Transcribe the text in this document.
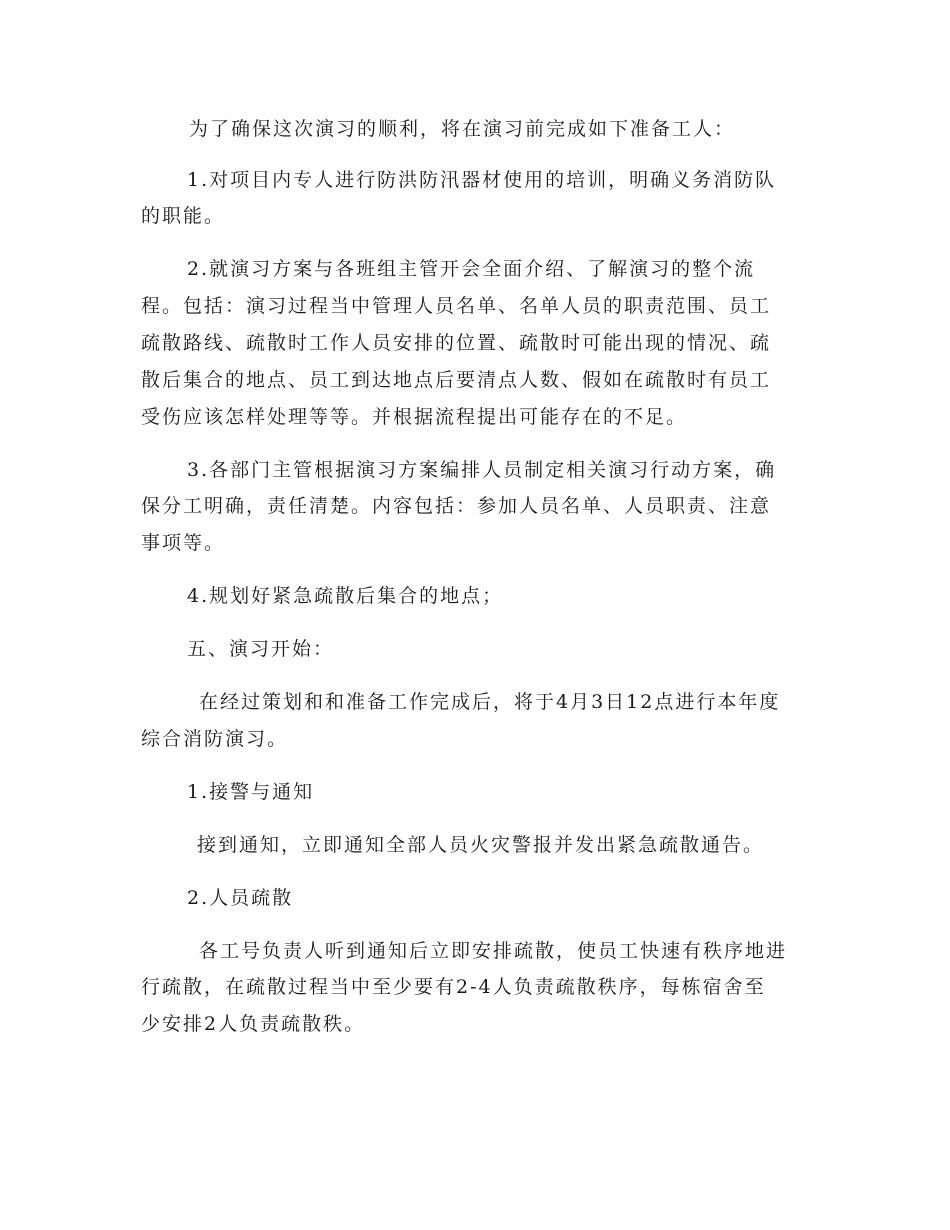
为了确保这次演习的顺利，将在演习前完成如下准备工人：
1.对项目内专人进行防洪防汛器材使用的培训，明确义务消防队
的职能。
2.就演习方案与各班组主管开会全面介绍、了解演习的整个流
程。包括：演习过程当中管理人员名单、名单人员的职责范围、员工
疏散路线、疏散时工作人员安排的位置、疏散时可能出现的情况、疏
散后集合的地点、员工到达地点后要清点人数、假如在疏散时有员工
受伤应该怎样处理等等。并根据流程提出可能存在的不足。
3.各部门主管根据演习方案编排人员制定相关演习行动方案，确
保分工明确，责任清楚。内容包括：参加人员名单、人员职责、注意
事项等。
4.规划好紧急疏散后集合的地点；
五、演习开始：
在经过策划和和准备工作完成后，将于4月3日12点进行本年度
综合消防演习。
1.接警与通知
接到通知，立即通知全部人员火灾警报并发出紧急疏散通告。
2.人员疏散
各工号负责人听到通知后立即安排疏散，使员工快速有秩序地进
行疏散，在疏散过程当中至少要有2-4人负责疏散秩序，每栋宿舍至
少安排2人负责疏散秩。
